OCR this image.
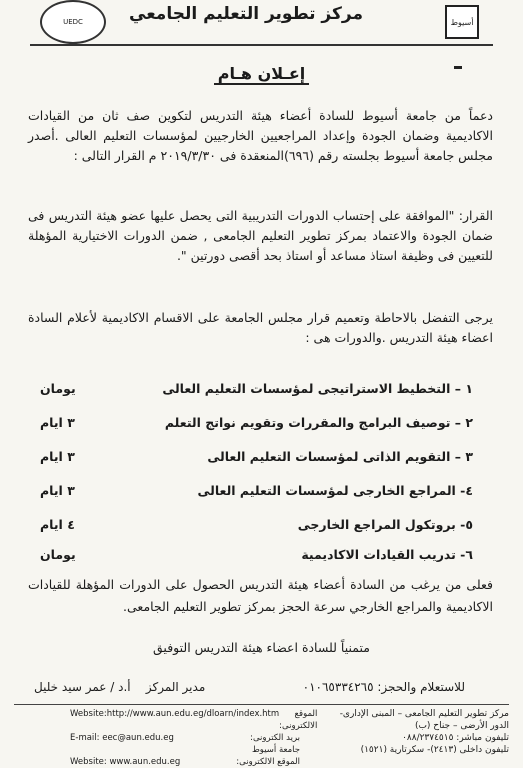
مركز تطوير التعليم الجامعي
UEDC	أسيوط
إعـلان هـام
دعماً من جامعة أسيوط للسادة أعضاء هيئة التدريس لتكوين صف ثان من القيادات الاكاديمية وضمان الجودة وإعداد المراجعيين الخارجيين لمؤسسات التعليم العالى .أصدر مجلس جامعة أسيوط بجلسته رقم (٦٩٦)المنعقدة فى ٢٠١٩/٣/٣٠ م القرار التالى :
القرار: "الموافقة على إحتساب الدورات التدريبية التى يحصل عليها عضو هيئة التدريس فى ضمان الجودة والاعتماد بمركز تطوير التعليم الجامعى , ضمن الدورات الاختيارية المؤهلة للتعيين فى وظيفة استاذ مساعد أو استاذ بحد أقصى دورتين ".
يرجى التفضل بالاحاطة وتعميم قرار مجلس الجامعة على الاقسام الاكاديمية لأعلام السادة اعضاء هيئة التدريس .والدورات هى :
يومان	١ – التخطيط الاستراتيجى لمؤسسات التعليم العالى
٣ ايام	٢ – توصيف البرامج والمقررات وتقويم نواتج التعلم
٣ ايام	٣ – التقويم الذاتى لمؤسسات التعليم العالى
٣ ايام	٤- المراجع الخارجى لمؤسسات التعليم العالى
٤ ايام	٥- بروتكول المراجع الخارجى
يومان	٦- تدريب القيادات الاكاديمية
فعلى من يرغب من السادة أعضاء هيئة التدريس الحصول على الدورات المؤهلة للقيادات الاكاديمية والمراجع الخارجي سرعة الحجز بمركز تطوير التعليم الجامعى.
متمنياً للسادة اعضاء هيئة التدريس التوفيق
للاستعلام والحجز: ٠١٠٦٥٣٣٤٢٦٥
مدير المركز    أ.د / عمر سيد خليل
مركز تطوير التعليم الجامعى – المبنى الإدارى-
الدور الأرضى – جناح (ب)
تليفون مباشر: ٠٨٨/٢٣٧٤٥١٥
تليفون داخلى (٢٤١٣)- سكرتارية (١٥٢١)
Website:http://www.aun.edu.eg/dloarn/index.htm	الموقع الالكترونى:
E-mail: eec@aun.edu.eg	بريد الكترونى:
جامعة أسيوط
Website: www.aun.edu.eg	الموقع الالكترونى:
